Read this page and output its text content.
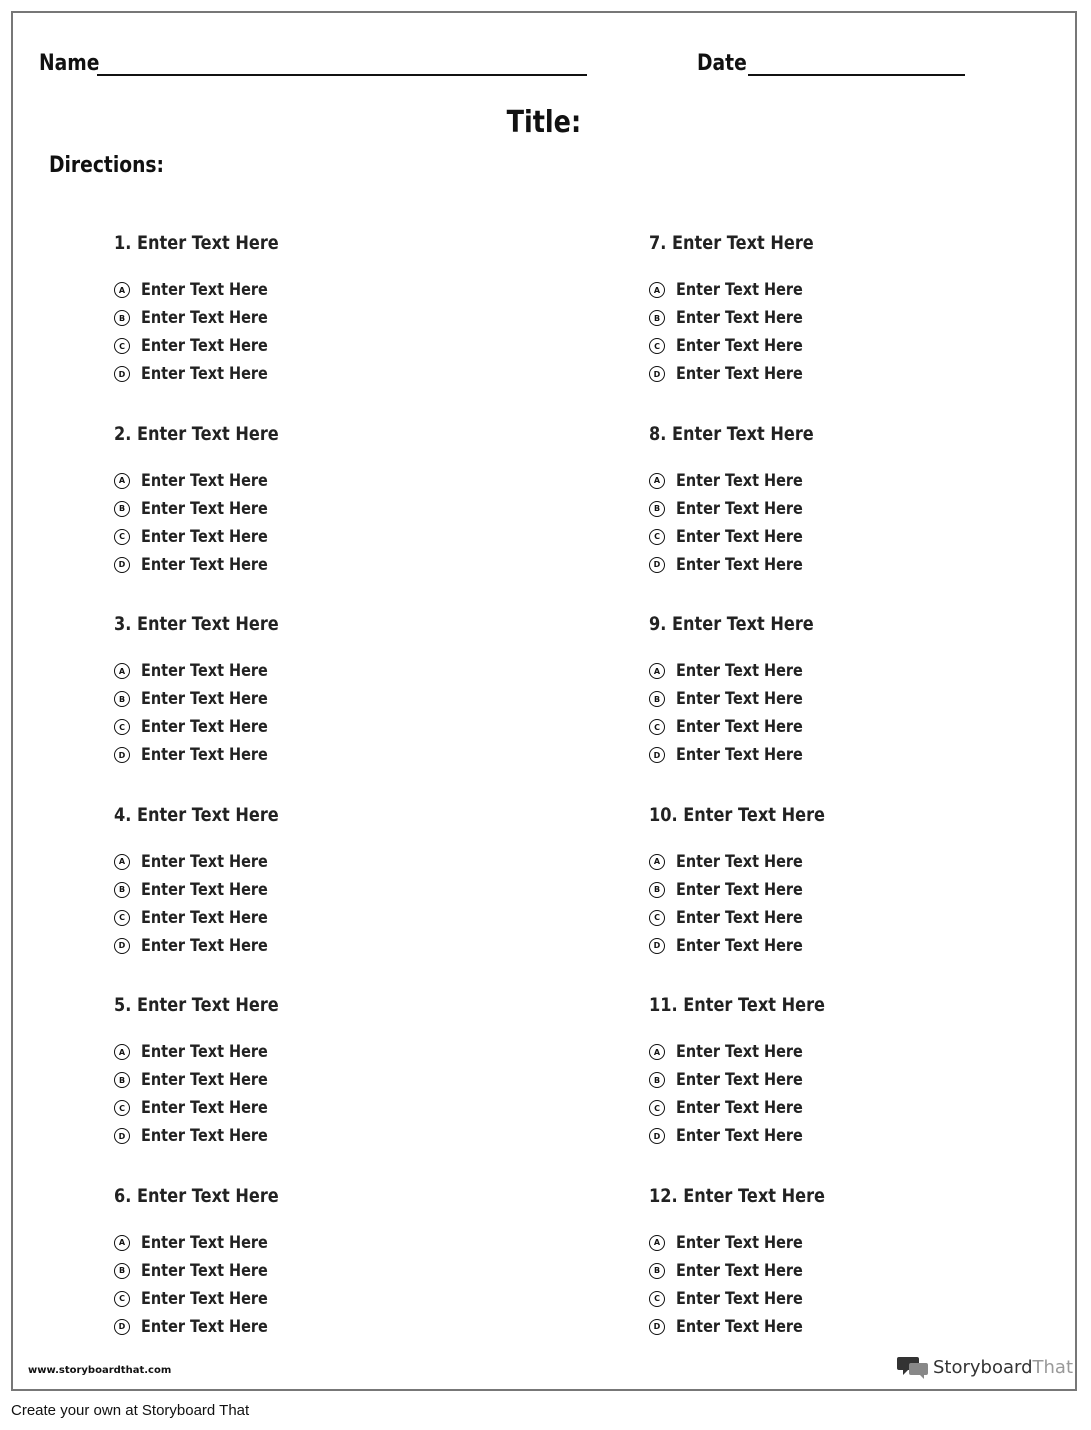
Name	Date
Title:
Directions:
1. Enter Text Here
A Enter Text Here
B Enter Text Here
C Enter Text Here
D Enter Text Here
2. Enter Text Here
A Enter Text Here
B Enter Text Here
C Enter Text Here
D Enter Text Here
3. Enter Text Here
A Enter Text Here
B Enter Text Here
C Enter Text Here
D Enter Text Here
4. Enter Text Here
A Enter Text Here
B Enter Text Here
C Enter Text Here
D Enter Text Here
5. Enter Text Here
A Enter Text Here
B Enter Text Here
C Enter Text Here
D Enter Text Here
6. Enter Text Here
A Enter Text Here
B Enter Text Here
C Enter Text Here
D Enter Text Here
7. Enter Text Here
A Enter Text Here
B Enter Text Here
C Enter Text Here
D Enter Text Here
8. Enter Text Here
A Enter Text Here
B Enter Text Here
C Enter Text Here
D Enter Text Here
9. Enter Text Here
A Enter Text Here
B Enter Text Here
C Enter Text Here
D Enter Text Here
10. Enter Text Here
A Enter Text Here
B Enter Text Here
C Enter Text Here
D Enter Text Here
11. Enter Text Here
A Enter Text Here
B Enter Text Here
C Enter Text Here
D Enter Text Here
12. Enter Text Here
A Enter Text Here
B Enter Text Here
C Enter Text Here
D Enter Text Here
www.storyboardthat.com	StoryboardThat
Create your own at Storyboard That
